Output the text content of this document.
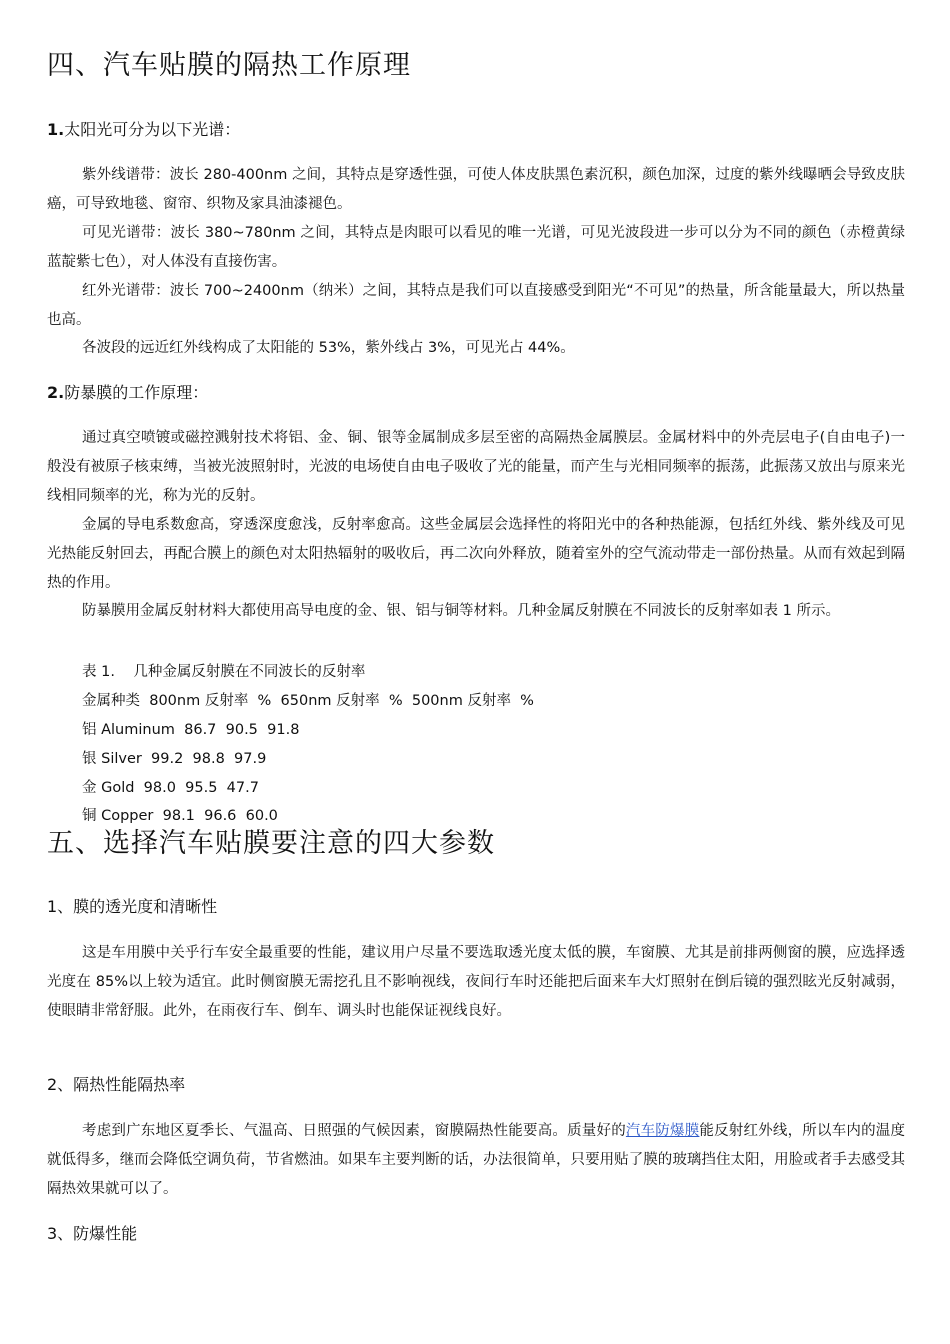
四、汽车贴膜的隔热工作原理

1.太阳光可分为以下光谱：

紫外线谱带：波长 280-400nm 之间，其特点是穿透性强，可使人体皮肤黑色素沉积，颜色加深，过度的紫外线曝晒会导致皮肤癌，可导致地毯、窗帘、织物及家具油漆褪色。

可见光谱带：波长 380~780nm 之间，其特点是肉眼可以看见的唯一光谱，可见光波段进一步可以分为不同的颜色（赤橙黄绿蓝靛紫七色），对人体没有直接伤害。

红外光谱带：波长 700~2400nm（纳米）之间，其特点是我们可以直接感受到阳光“不可见”的热量，所含能量最大，所以热量也高。

各波段的远近红外线构成了太阳能的 53%，紫外线占 3%，可见光占 44%。

2.防暴膜的工作原理：

通过真空喷镀或磁控溅射技术将铝、金、铜、银等金属制成多层至密的高隔热金属膜层。金属材料中的外壳层电子(自由电子)一般没有被原子核束缚，当被光波照射时，光波的电场使自由电子吸收了光的能量，而产生与光相同频率的振荡，此振荡又放出与原来光线相同频率的光，称为光的反射。

金属的导电系数愈高，穿透深度愈浅，反射率愈高。这些金属层会选择性的将阳光中的各种热能源，包括红外线、紫外线及可见光热能反射回去，再配合膜上的颜色对太阳热辐射的吸收后，再二次向外释放，随着室外的空气流动带走一部份热量。从而有效起到隔热的作用。

防暴膜用金属反射材料大都使用高导电度的金、银、铝与铜等材料。几种金属反射膜在不同波长的反射率如表 1 所示。

表 1.    几种金属反射膜在不同波长的反射率

金属种类  800nm 反射率  %  650nm 反射率  %  500nm 反射率  %

铝 Aluminum  86.7  90.5  91.8

银 Silver  99.2  98.8  97.9

金 Gold  98.0  95.5  47.7

铜 Copper  98.1  96.6  60.0

五、选择汽车贴膜要注意的四大参数

1、膜的透光度和清晰性

这是车用膜中关乎行车安全最重要的性能，建议用户尽量不要选取透光度太低的膜，车窗膜、尤其是前排两侧窗的膜，应选择透光度在 85%以上较为适宜。此时侧窗膜无需挖孔且不影响视线，夜间行车时还能把后面来车大灯照射在倒后镜的强烈眩光反射减弱，使眼睛非常舒服。此外，在雨夜行车、倒车、调头时也能保证视线良好。

2、隔热性能隔热率

考虑到广东地区夏季长、气温高、日照强的气候因素，窗膜隔热性能要高。质量好的汽车防爆膜能反射红外线，所以车内的温度就低得多，继而会降低空调负荷，节省燃油。如果车主要判断的话，办法很简单，只要用贴了膜的玻璃挡住太阳，用脸或者手去感受其隔热效果就可以了。

3、防爆性能
